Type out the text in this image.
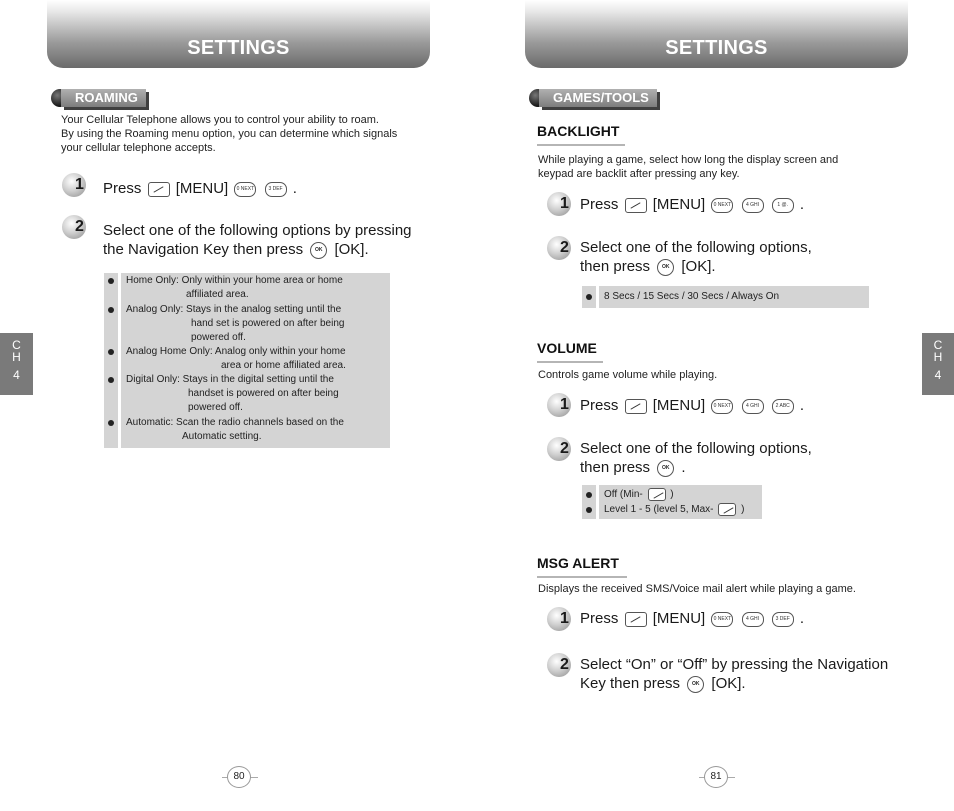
SETTINGS
ROAMING
Your Cellular Telephone allows you to control your ability to roam.
By using the Roaming menu option, you can determine which signals
your cellular telephone accepts.
1 Press [MENU] 0 NEXT	3 DEF .
2 Select one of the following options by pressing
the Navigation Key then press OK [OK].
Home Only: Only within your home area or home
affiliated area.
Analog Only: Stays in the analog setting until the
hand set is powered on after being
powered off.
Analog Home Only: Analog only within your home
area or home affiliated area.
Digital Only: Stays in the digital setting until the
handset is powered on after being
powered off.
Automatic: Scan the radio channels based on the
Automatic setting.
C
H
4
80
SETTINGS
GAMES/TOOLS
BACKLIGHT
While playing a game, select how long the display screen and
keypad are backlit after pressing any key.
1 Press [MENU] 0 NEXT	4 GHI	1 @. .
2 Select one of the following options,
then press OK [OK].
8 Secs / 15 Secs / 30 Secs / Always On
VOLUME
Controls game volume while playing.
1 Press [MENU] 0 NEXT	4 GHI	2 ABC .
2 Select one of the following options,
then press OK .
Off (Min-	)
Level 1 - 5 (level 5, Max-	)
MSG ALERT
Displays the received SMS/Voice mail alert while playing a game.
1 Press [MENU] 0 NEXT	4 GHI	3 DEF .
2 Select “On” or “Off” by pressing the Navigation
Key then press OK [OK].
C
H
4
81
